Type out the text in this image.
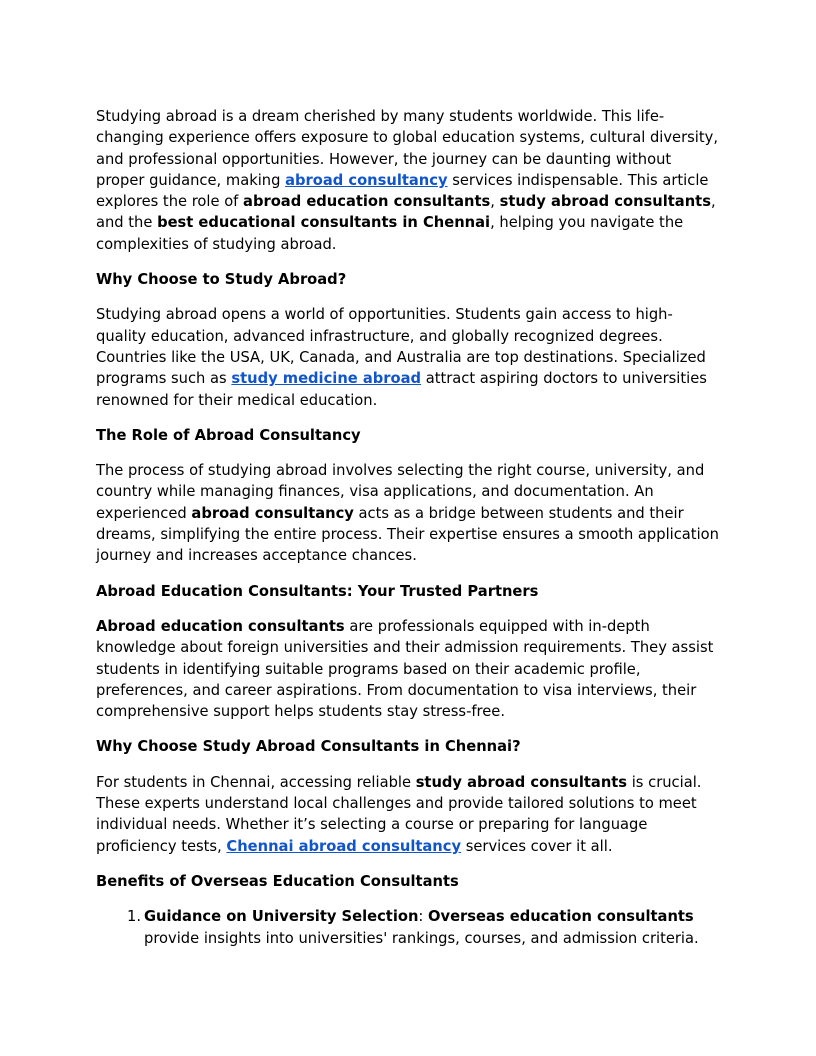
Studying abroad is a dream cherished by many students worldwide. This life-changing experience offers exposure to global education systems, cultural diversity, and professional opportunities. However, the journey can be daunting without proper guidance, making abroad consultancy services indispensable. This article explores the role of abroad education consultants, study abroad consultants, and the best educational consultants in Chennai, helping you navigate the complexities of studying abroad.

Why Choose to Study Abroad?

Studying abroad opens a world of opportunities. Students gain access to high-quality education, advanced infrastructure, and globally recognized degrees. Countries like the USA, UK, Canada, and Australia are top destinations. Specialized programs such as study medicine abroad attract aspiring doctors to universities renowned for their medical education.

The Role of Abroad Consultancy

The process of studying abroad involves selecting the right course, university, and country while managing finances, visa applications, and documentation. An experienced abroad consultancy acts as a bridge between students and their dreams, simplifying the entire process. Their expertise ensures a smooth application journey and increases acceptance chances.

Abroad Education Consultants: Your Trusted Partners

Abroad education consultants are professionals equipped with in-depth knowledge about foreign universities and their admission requirements. They assist students in identifying suitable programs based on their academic profile, preferences, and career aspirations. From documentation to visa interviews, their comprehensive support helps students stay stress-free.

Why Choose Study Abroad Consultants in Chennai?

For students in Chennai, accessing reliable study abroad consultants is crucial. These experts understand local challenges and provide tailored solutions to meet individual needs. Whether it’s selecting a course or preparing for language proficiency tests, Chennai abroad consultancy services cover it all.

Benefits of Overseas Education Consultants
1. Guidance on University Selection: Overseas education consultants provide insights into universities' rankings, courses, and admission criteria.
